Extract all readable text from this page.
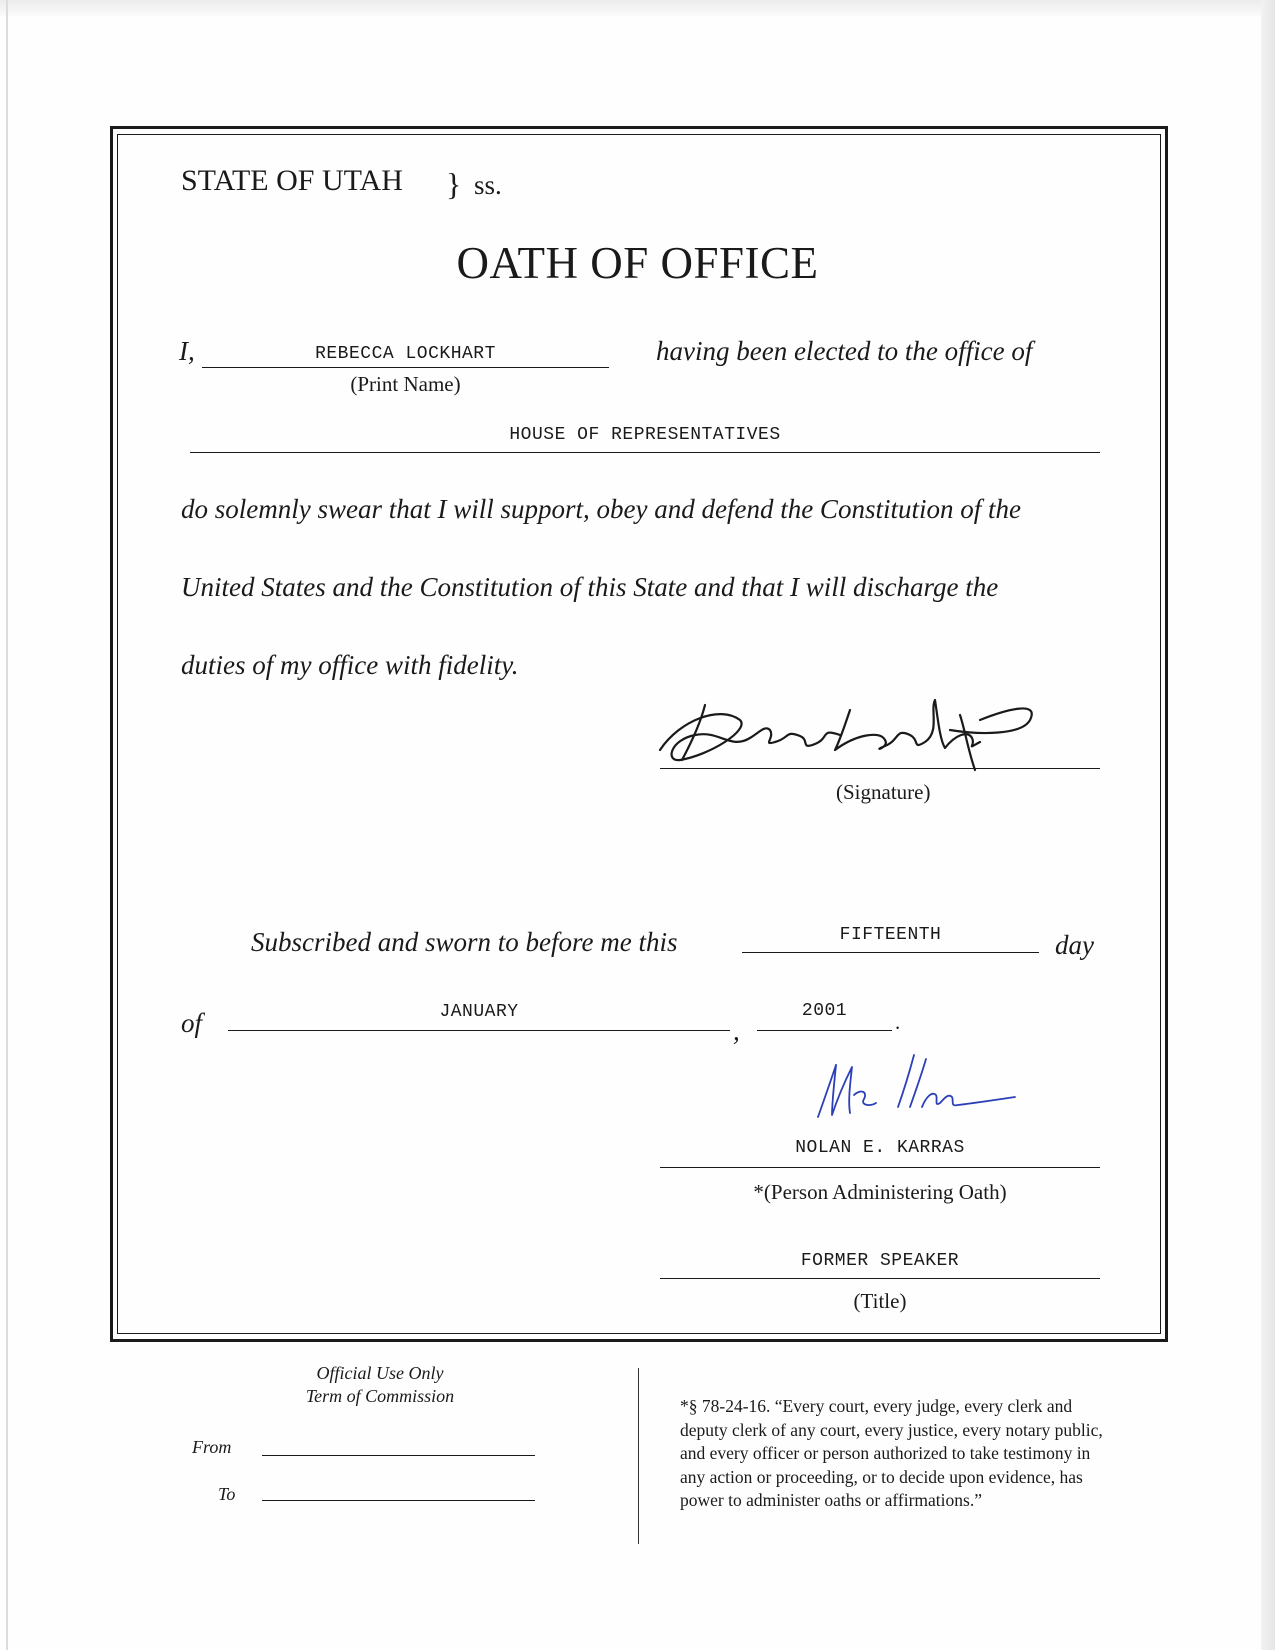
STATE OF UTAH } ss.
OATH OF OFFICE
I,	REBECCA LOCKHART
(Print Name)
having been elected to the office of
HOUSE OF REPRESENTATIVES
do solemnly swear that I will support, obey and defend the Constitution of the
United States and the Constitution of this State and that I will discharge the
duties of my office with fidelity.
(Signature)
Subscribed and sworn to before me this	FIFTEENTH	day
of	JANUARY
,
2001	.
NOLAN E. KARRAS
*(Person Administering Oath)
FORMER SPEAKER
(Title)
Official Use Only
Term of Commission
From
To

*§ 78-24-16. “Every court, every judge, every clerk and

deputy clerk of any court, every justice, every notary public,

and every officer or person authorized to take testimony in

any action or proceeding, or to decide upon evidence, has

power to administer oaths or affirmations.”
